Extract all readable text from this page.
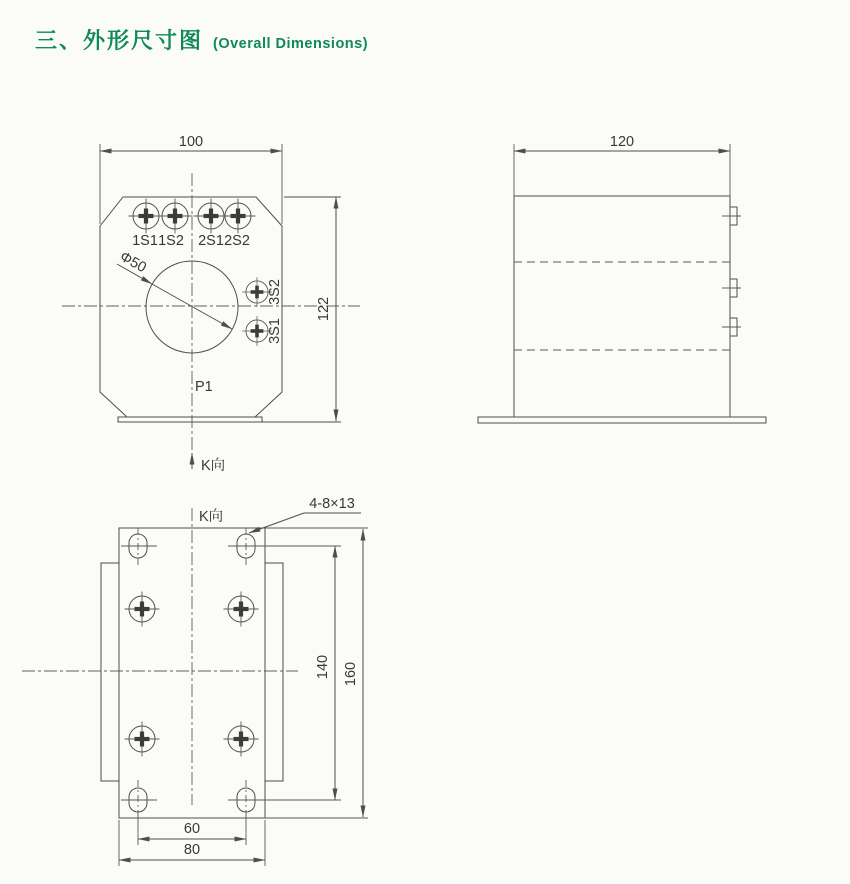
三、外形尺寸图 (Overall Dimensions)
100
122
1S1 1S2 2S1 2S2
Φ50
3S2
3S1
P1
K向
120
4-8×13
K向
140 160
60
80
